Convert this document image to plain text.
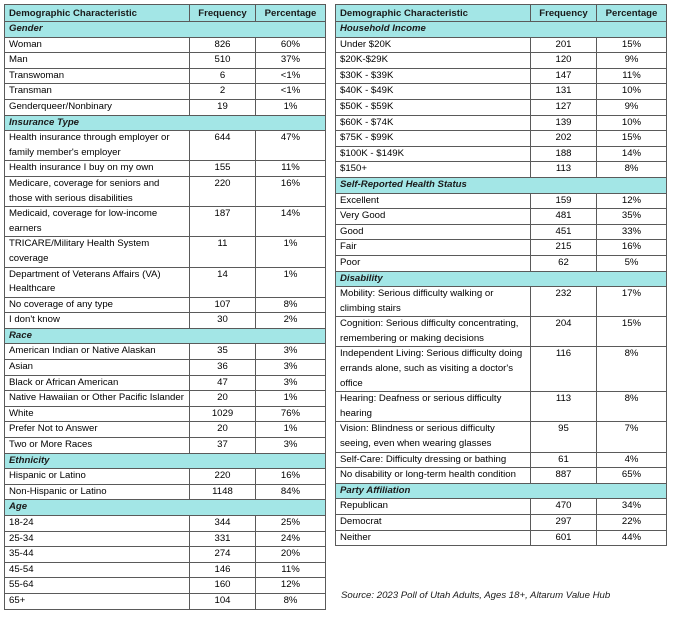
Demographic Characteristic	Frequency	Percentage
Gender		
Woman	826	60%
Man	510	37%
Transwoman	6	<1%
Transman	2	<1%
Genderqueer/Nonbinary	19	1%
Insurance Type		
Health insurance through employer or family member's employer	644	47%
Health insurance I buy on my own	155	11%
Medicare, coverage for seniors and those with serious disabilities	220	16%
Medicaid, coverage for low-income earners	187	14%
TRICARE/Military Health System coverage	11	1%
Department of Veterans Affairs (VA) Healthcare	14	1%
No coverage of any type	107	8%
I don't know	30	2%
Race		
American Indian or Native Alaskan	35	3%
Asian	36	3%
Black or African American	47	3%
Native Hawaiian or Other Pacific Islander	20	1%
White	1029	76%
Prefer Not to Answer	20	1%
Two or More Races	37	3%
Ethnicity		
Hispanic or Latino	220	16%
Non-Hispanic or Latino	1148	84%
Age		
18-24	344	25%
25-34	331	24%
35-44	274	20%
45-54	146	11%
55-64	160	12%
65+	104	8%
Demographic Characteristic	Frequency	Percentage
Household Income		
Under $20K	201	15%
$20K-$29K	120	9%
$30K - $39K	147	11%
$40K - $49K	131	10%
$50K - $59K	127	9%
$60K - $74K	139	10%
$75K - $99K	202	15%
$100K - $149K	188	14%
$150+	113	8%
Self-Reported Health Status		
Excellent	159	12%
Very Good	481	35%
Good	451	33%
Fair	215	16%
Poor	62	5%
Disability		
Mobility: Serious difficulty walking or climbing stairs	232	17%
Cognition: Serious difficulty concentrating, remembering or making decisions	204	15%
Independent Living: Serious difficulty doing errands alone, such as visiting a doctor's office	116	8%
Hearing: Deafness or serious difficulty hearing	113	8%
Vision: Blindness or serious difficulty seeing, even when wearing glasses	95	7%
Self-Care: Difficulty dressing or bathing	61	4%
No disability or long-term health condition	887	65%
Party Affiliation		
Republican	470	34%
Democrat	297	22%
Neither	601	44%
Source: 2023 Poll of Utah Adults, Ages 18+, Altarum Value Hub
